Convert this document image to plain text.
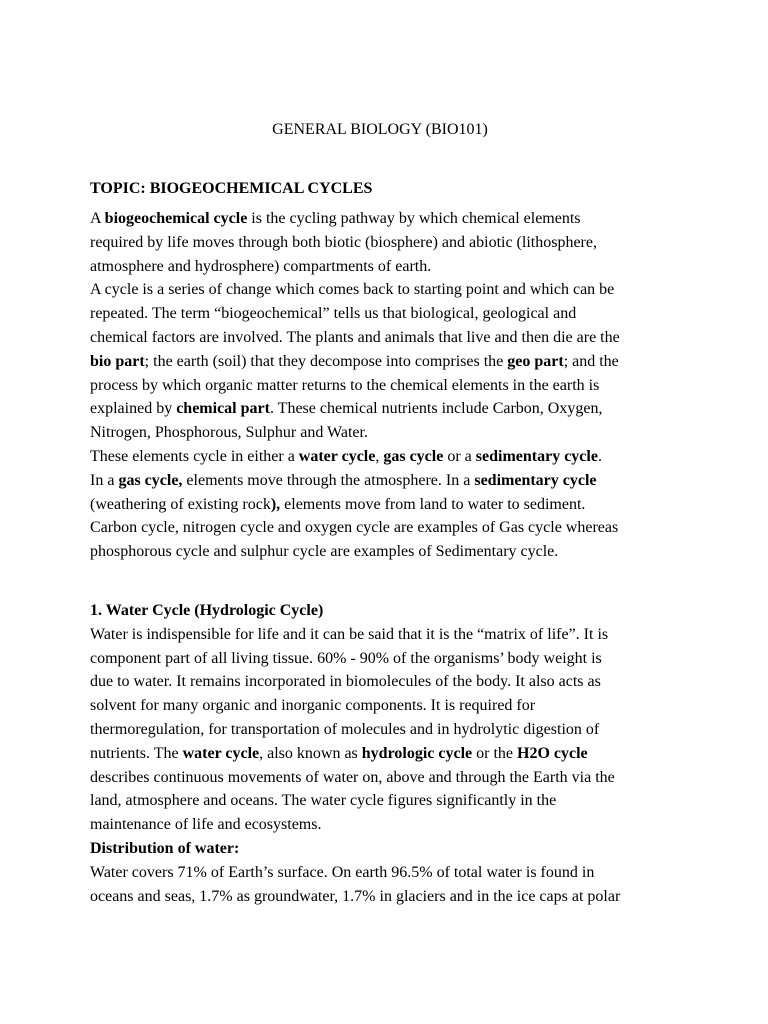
GENERAL BIOLOGY (BIO101)
TOPIC: BIOGEOCHEMICAL CYCLES
A biogeochemical cycle is the cycling pathway by which chemical elements
required by life moves through both biotic (biosphere) and abiotic (lithosphere,
atmosphere and hydrosphere) compartments of earth.
A cycle is a series of change which comes back to starting point and which can be
repeated. The term “biogeochemical” tells us that biological, geological and
chemical factors are involved. The plants and animals that live and then die are the
bio part; the earth (soil) that they decompose into comprises the geo part; and the
process by which organic matter returns to the chemical elements in the earth is
explained by chemical part. These chemical nutrients include Carbon, Oxygen,
Nitrogen, Phosphorous, Sulphur and Water.
These elements cycle in either a water cycle, gas cycle or a sedimentary cycle.
In a gas cycle, elements move through the atmosphere. In a sedimentary cycle
(weathering of existing rock), elements move from land to water to sediment.
Carbon cycle, nitrogen cycle and oxygen cycle are examples of Gas cycle whereas
phosphorous cycle and sulphur cycle are examples of Sedimentary cycle.
1. Water Cycle (Hydrologic Cycle)
Water is indispensible for life and it can be said that it is the “matrix of life”. It is
component part of all living tissue. 60% - 90% of the organisms’ body weight is
due to water. It remains incorporated in biomolecules of the body. It also acts as
solvent for many organic and inorganic components. It is required for
thermoregulation, for transportation of molecules and in hydrolytic digestion of
nutrients. The water cycle, also known as hydrologic cycle or the H2O cycle
describes continuous movements of water on, above and through the Earth via the
land, atmosphere and oceans. The water cycle figures significantly in the
maintenance of life and ecosystems.
Distribution of water:
Water covers 71% of Earth’s surface. On earth 96.5% of total water is found in
oceans and seas, 1.7% as groundwater, 1.7% in glaciers and in the ice caps at polar
